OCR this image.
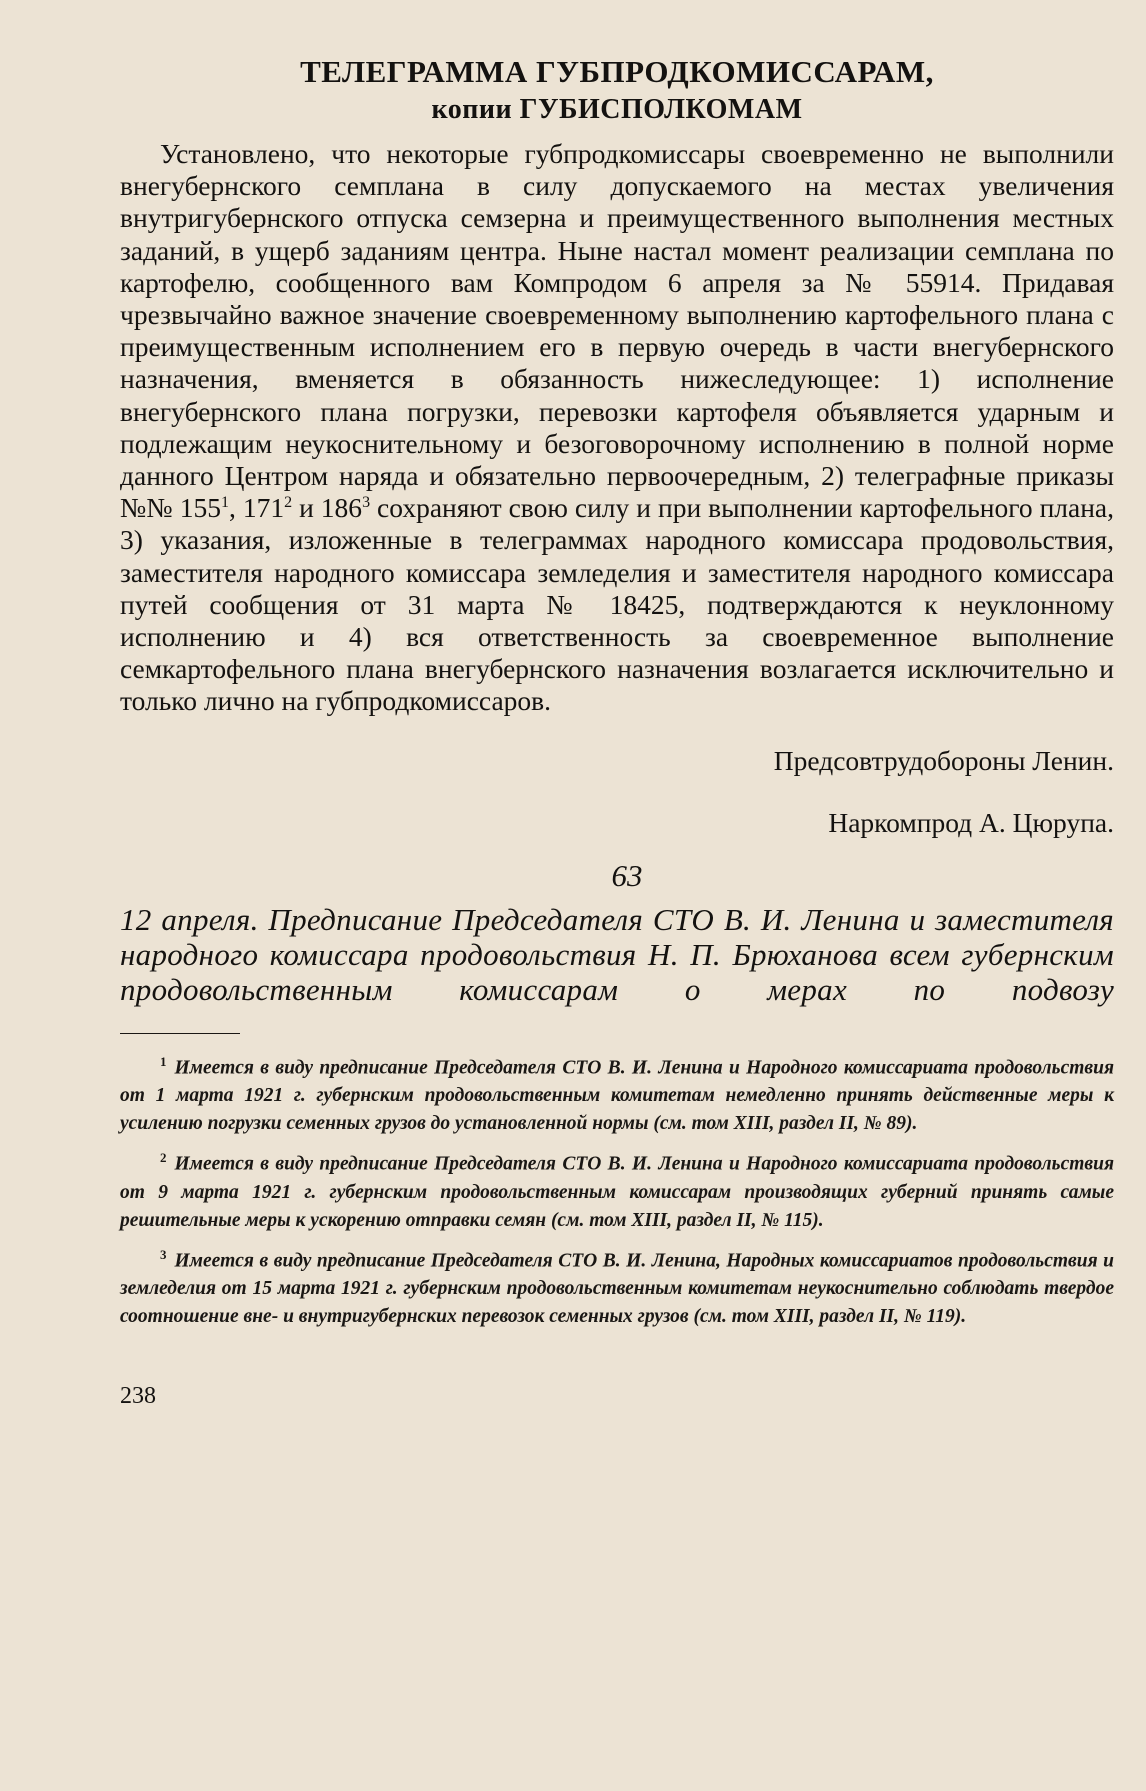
ТЕЛЕГРАММА ГУБПРОДКОМИССАРАМ,
копии ГУБИСПОЛКОМАМ

Установлено, что некоторые губпродкомиссары своевременно не выполнили внегубернского семплана в силу допускаемого на местах увеличения внутригубернского отпуска семзерна и преимущественного выполнения местных заданий, в ущерб заданиям центра. Ныне настал момент реализации семплана по картофелю, сообщенного вам Компродом 6 апреля за № 55914. Придавая чрезвычайно важное значение своевременному выполнению картофельного плана с преимущественным исполнением его в первую очередь в части внегубернского назначения, вменяется в обязанность нижеследующее: 1) исполнение внегубернского плана погрузки, перевозки картофеля объявляется ударным и подлежащим неукоснительному и безоговорочному исполнению в полной норме данного Центром наряда и обязательно первоочередным, 2) телеграфные приказы №№ $155^1$, $171^2$ и $186^3$ сохраняют свою силу и при выполнении картофельного плана, 3) указания, изложенные в телеграммах народного комиссара продовольствия, заместителя народного комиссара земледелия и заместителя народного комиссара путей сообщения от 31 марта № 18425, подтверждаются к неуклонному исполнению и 4) вся ответственность за своевременное выполнение семкартофельного плана внегубернского назначения возлагается исключительно и только лично на губпродкомиссаров.

Предсовтрудобороны Ленин.

Наркомпрод А. Цюрупа.

63

12 апреля. Предписание Председателя СТО В. И. Ленина и заместителя народного комиссара продовольствия Н. П. Брюханова всем губернским продовольственным комиссарам о мерах по подвозу

$^1$ Имеется в виду предписание Председателя СТО В. И. Ленина и Народного комиссариата продовольствия от 1 марта 1921 г. губернским продовольственным комитетам немедленно принять действенные меры к усилению погрузки семенных грузов до установленной нормы (см. том XIII, раздел II, № 89).

$^2$ Имеется в виду предписание Председателя СТО В. И. Ленина и Народного комиссариата продовольствия от 9 марта 1921 г. губернским продовольственным комиссарам производящих губерний принять самые решительные меры к ускорению отправки семян (см. том XIII, раздел II, № 115).

$^3$ Имеется в виду предписание Председателя СТО В. И. Ленина, Народных комиссариатов продовольствия и земледелия от 15 марта 1921 г. губернским продовольственным комитетам неукоснительно соблюдать твердое соотношение вне- и внутригубернских перевозок семенных грузов (см. том XIII, раздел II, № 119).

238
